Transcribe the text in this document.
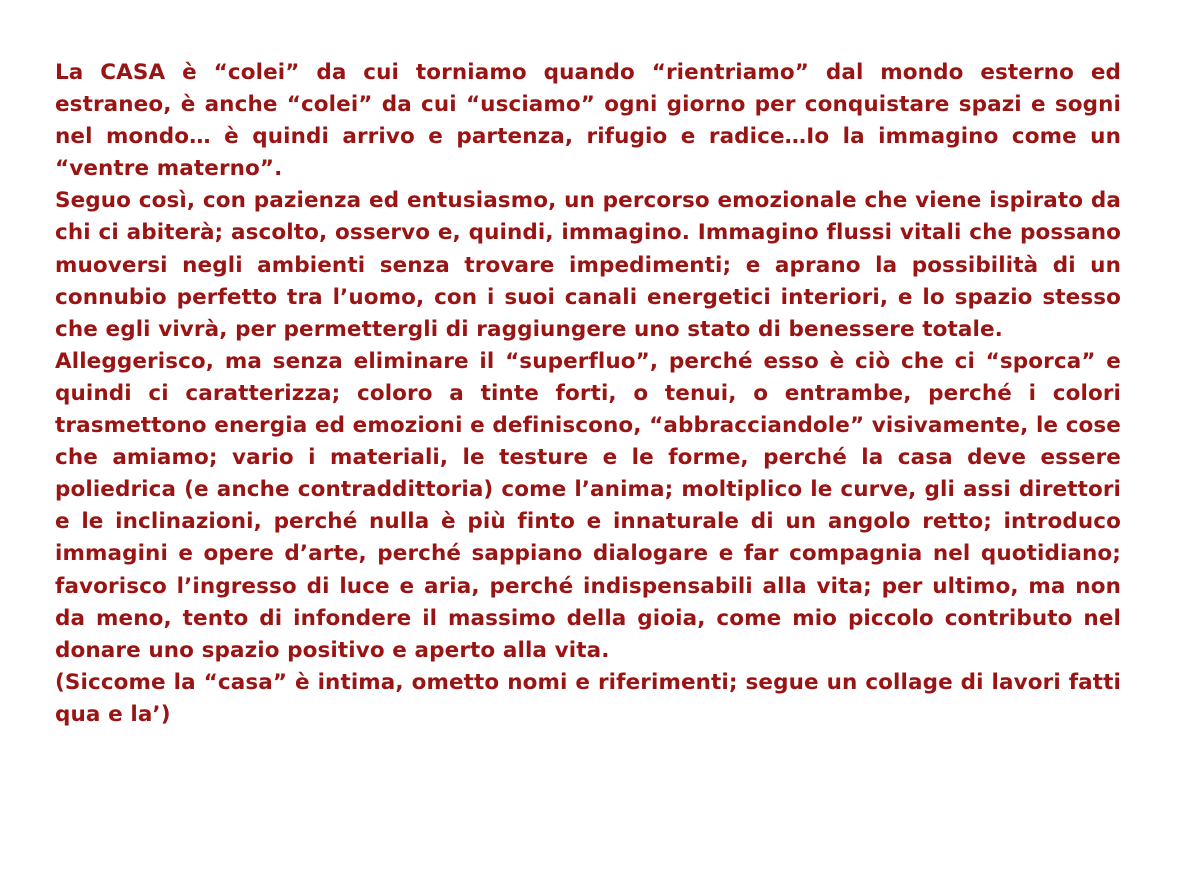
La CASA è “colei” da cui torniamo quando “rientriamo” dal mondo esterno ed estraneo, è anche “colei” da cui “usciamo” ogni giorno per conquistare spazi e sogni nel mondo… è quindi arrivo e partenza, rifugio e radice…Io la immagino come un “ventre materno”.

Seguo così, con pazienza ed entusiasmo, un percorso emozionale che viene ispirato da chi ci abiterà; ascolto, osservo e, quindi, immagino. Immagino flussi vitali che possano muoversi negli ambienti senza trovare impedimenti; e aprano la possibilità di un connubio perfetto tra l’uomo, con i suoi canali energetici interiori, e lo spazio stesso che egli vivrà, per permettergli di raggiungere uno stato di benessere totale.

Alleggerisco, ma senza eliminare il “superfluo”, perché esso è ciò che ci “sporca” e quindi ci caratterizza; coloro a tinte forti, o tenui, o entrambe, perché i colori trasmettono energia ed emozioni e definiscono, “abbracciandole” visivamente, le cose che amiamo; vario i materiali, le testure e le forme, perché la casa deve essere poliedrica (e anche contraddittoria) come l’anima; moltiplico le curve, gli assi direttori e le inclinazioni, perché nulla è più finto e innaturale di un angolo retto; introduco immagini e opere d’arte, perché sappiano dialogare e far compagnia nel quotidiano; favorisco l’ingresso di luce e aria, perché indispensabili alla vita; per ultimo, ma non da meno, tento di infondere il massimo della gioia, come mio piccolo contributo nel donare uno spazio positivo e aperto alla vita.

(Siccome la “casa” è intima, ometto nomi e riferimenti; segue un collage di lavori fatti qua e la’)
